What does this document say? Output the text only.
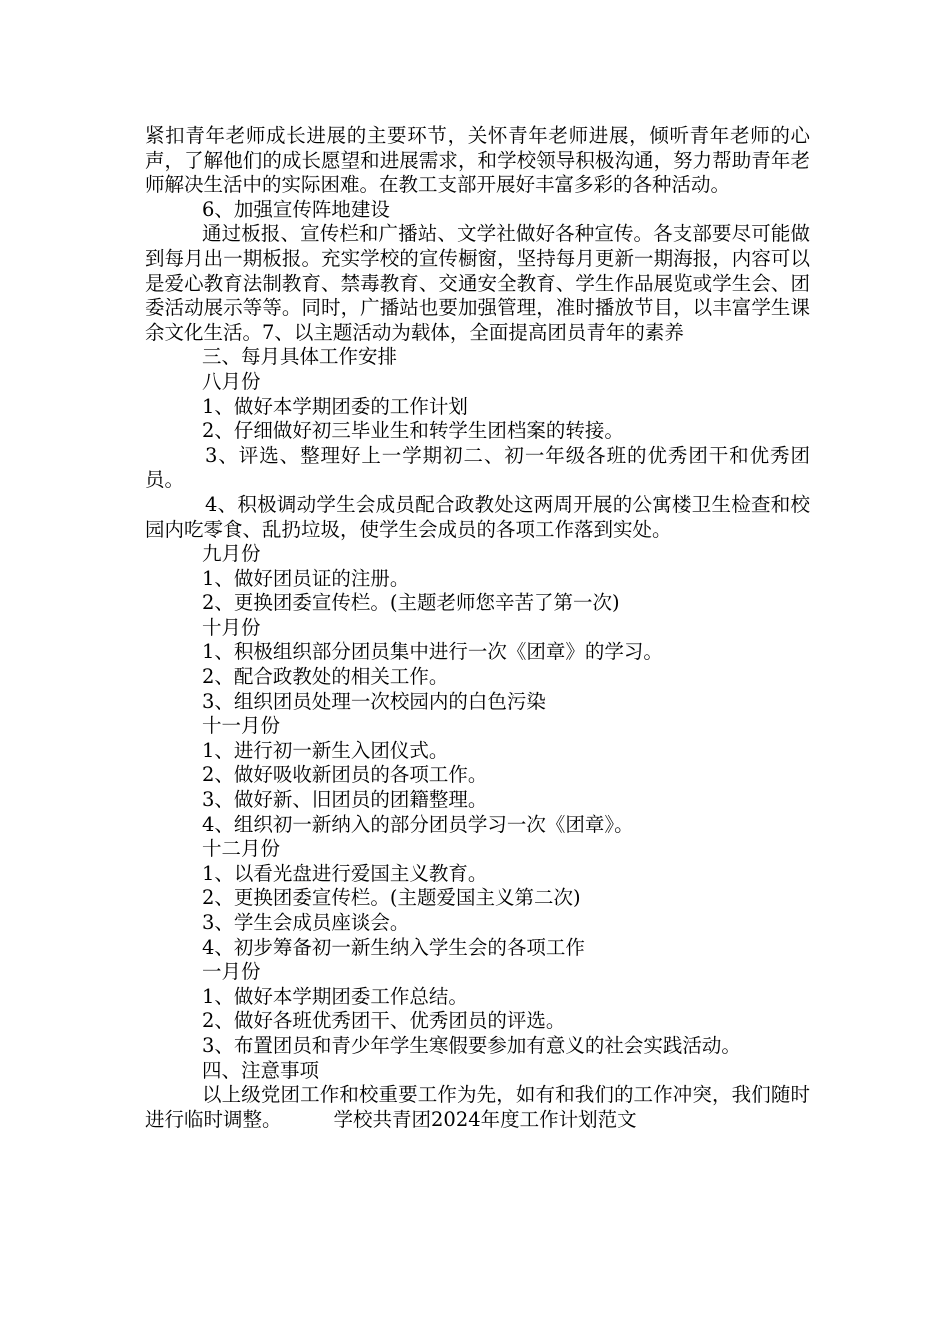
紧扣青年老师成长进展的主要环节，关怀青年老师进展，倾听青年老师的心声，了解他们的成长愿望和进展需求，和学校领导积极沟通，努力帮助青年老师解决生活中的实际困难。在教工支部开展好丰富多彩的各种活动。

6、加强宣传阵地建设

通过板报、宣传栏和广播站、文学社做好各种宣传。各支部要尽可能做到每月出一期板报。充实学校的宣传橱窗，坚持每月更新一期海报，内容可以是爱心教育法制教育、禁毒教育、交通安全教育、学生作品展览或学生会、团委活动展示等等。同时，广播站也要加强管理，准时播放节目，以丰富学生课余文化生活。7、以主题活动为载体，全面提高团员青年的素养

三、每月具体工作安排

八月份

1、做好本学期团委的工作计划

2、仔细做好初三毕业生和转学生团档案的转接。

3、评选、整理好上一学期初二、初一年级各班的优秀团干和优秀团员。

4、积极调动学生会成员配合政教处这两周开展的公寓楼卫生检查和校园内吃零食、乱扔垃圾，使学生会成员的各项工作落到实处。

九月份

1、做好团员证的注册。

2、更换团委宣传栏。(主题老师您辛苦了第一次)

十月份

1、积极组织部分团员集中进行一次《团章》的学习。

2、配合政教处的相关工作。

3、组织团员处理一次校园内的白色污染

十一月份

1、进行初一新生入团仪式。

2、做好吸收新团员的各项工作。

3、做好新、旧团员的团籍整理。

4、组织初一新纳入的部分团员学习一次《团章》。

十二月份

1、以看光盘进行爱国主义教育。

2、更换团委宣传栏。(主题爱国主义第二次)

3、学生会成员座谈会。

4、初步筹备初一新生纳入学生会的各项工作

一月份

1、做好本学期团委工作总结。

2、做好各班优秀团干、优秀团员的评选。

3、布置团员和青少年学生寒假要参加有意义的社会实践活动。

四、注意事项

以上级党团工作和校重要工作为先，如有和我们的工作冲突，我们随时进行临时调整。	学校共青团2024年度工作计划范文
